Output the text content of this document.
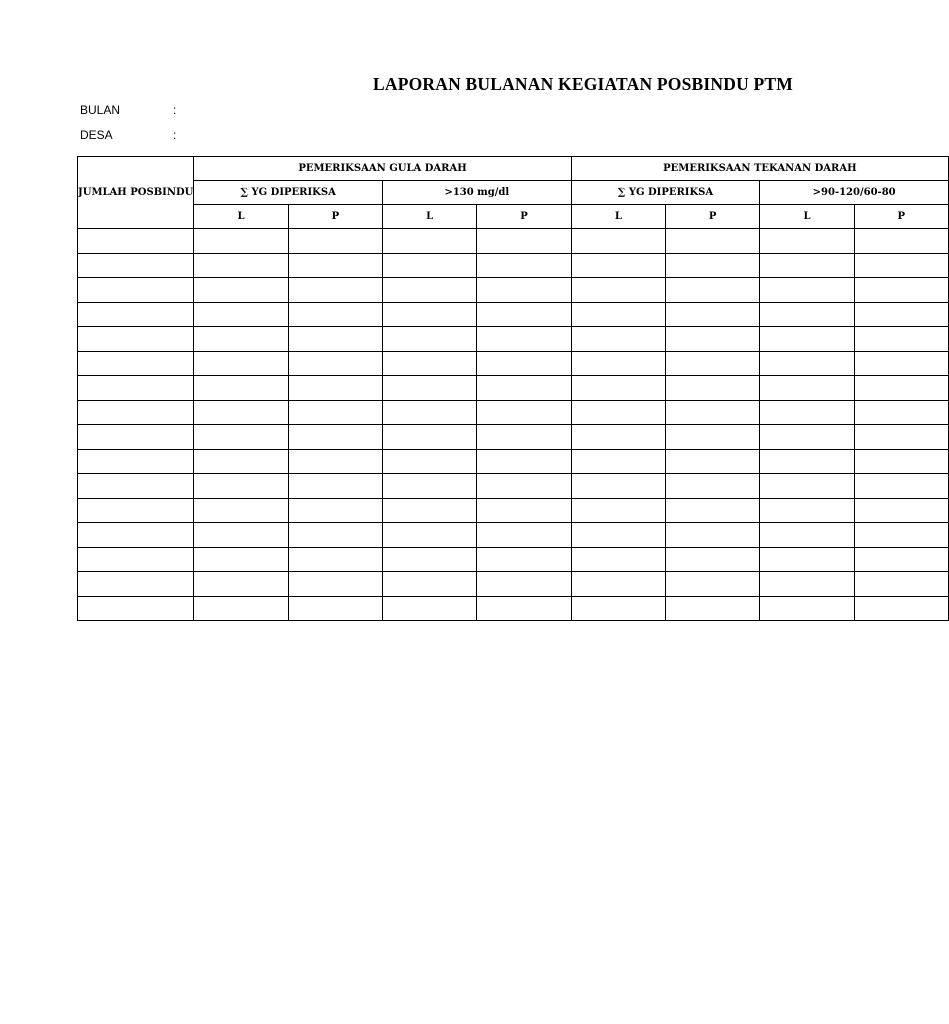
LAPORAN BULANAN KEGIATAN POSBINDU PTM
BULAN	:
DESA	:
JUMLAH POSBINDU	PEMERIKSAAN GULA DARAH				PEMERIKSAAN TEKANAN DARAH			
	∑ YG DIPERIKSA		>130 mg/dl		∑ YG DIPERIKSA		>90-120/60-80	
	L	P	L	P	L	P	L	P
